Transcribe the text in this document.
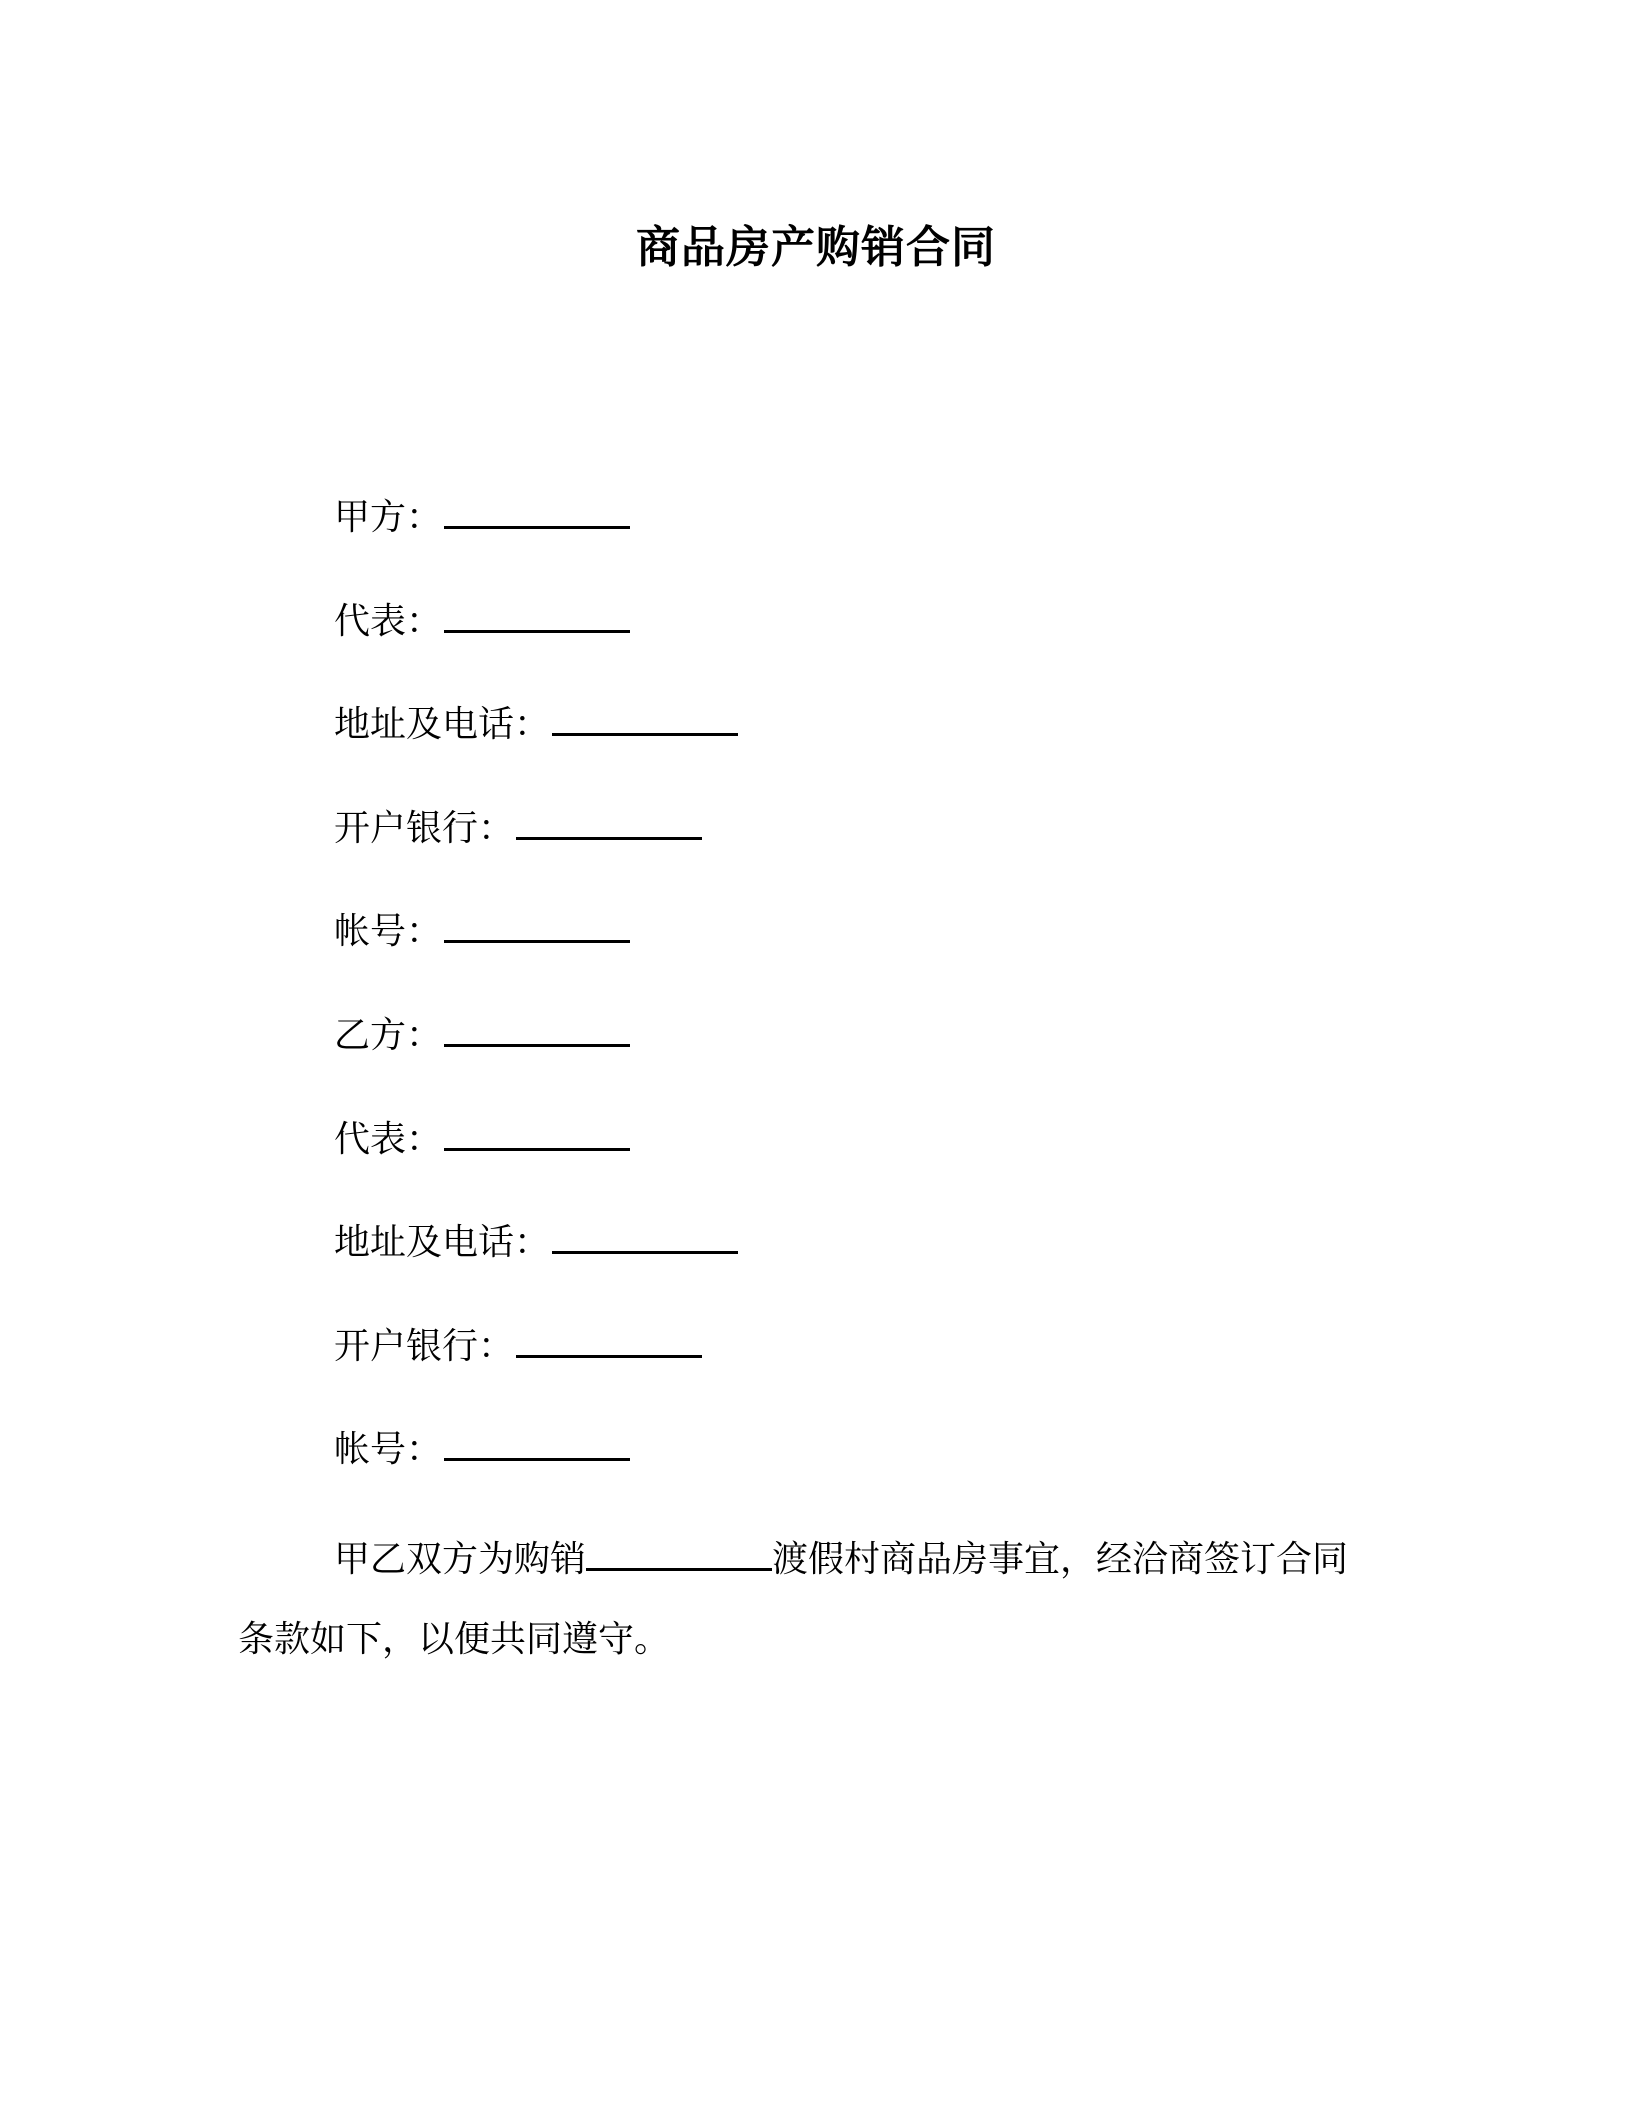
商品房产购销合同
甲方：
代表：
地址及电话：
开户银行：
帐号：
乙方：
代表：
地址及电话：
开户银行：
帐号：
甲乙双方为购销	渡假村商品房事宜，经洽商签订合同
条款如下，以便共同遵守。
